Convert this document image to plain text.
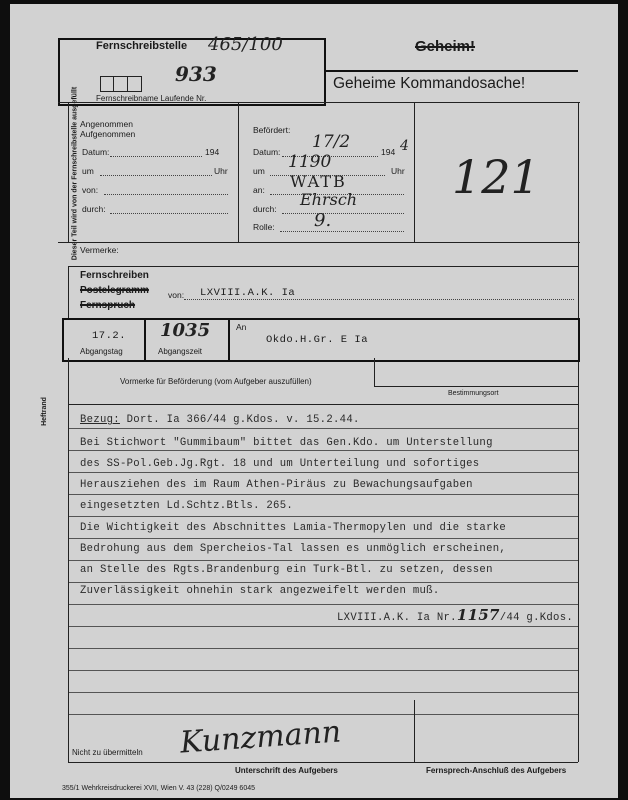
Dieser Teil wird von der Fernschreibstelle ausgefüllt
Heftrand
Fernschreibstelle 465/100
933
Fernschreibname Laufende Nr.
Geheim!
Geheime Kommandosache!
Angenommen
Aufgenommen
Datum:	194
um	Uhr
von:
durch:
Befördert:
Datum: 17/2	194 4
um 1190	Uhr
an: WATB
durch: Ehrsch
Rolle: 9.
121
Vermerke:
Fernschreiben
Postelegramm
Fernspruch
von: LXVIII.A.K. Ia
17.2.
Abgangstag
1035
Abgangszeit
An
Okdo.H.Gr. E Ia
Vormerke für Beförderung (vom Aufgeber auszufüllen)
Bestimmungsort
Bezug: Dort. Ia 366/44 g.Kdos. v. 15.2.44.
Bei Stichwort "Gummibaum" bittet das Gen.Kdo. um Unterstellung
des SS-Pol.Geb.Jg.Rgt. 18 und um Unterteilung und sofortiges
Herausziehen des im Raum Athen-Piräus zu Bewachungsaufgaben
eingesetzten Ld.Schtz.Btls. 265.
Die Wichtigkeit des Abschnittes Lamia-Thermopylen und die starke
Bedrohung aus dem Spercheios-Tal lassen es unmöglich erscheinen,
an Stelle des Rgts.Brandenburg ein Turk-Btl. zu setzen, dessen
Zuverlässigkeit ohnehin stark angezweifelt werden muß.
LXVIII.A.K. Ia Nr.1157/44 g.Kdos.
Nicht zu übermitteln Kunzmann
Unterschrift des Aufgebers	Fernsprech-Anschluß des Aufgebers
355/1 Wehrkreisdruckerei XVII, Wien V. 43 (228) Q/0249 6045
